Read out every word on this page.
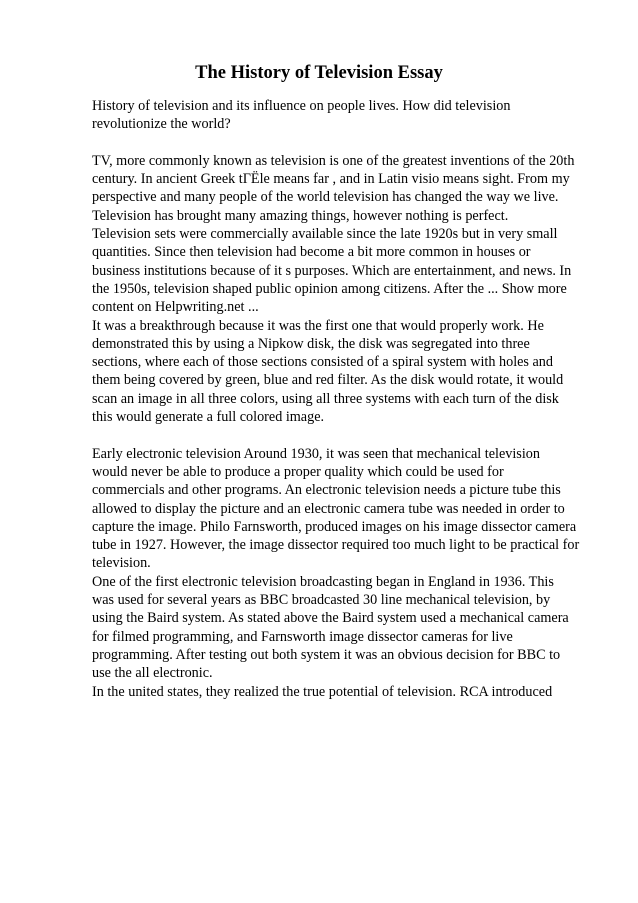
The History of Television Essay
History of television and its influence on people lives. How did television
revolutionize the world?
TV, more commonly known as television is one of the greatest inventions of the 20th
century. In ancient Greek tГËle means far , and in Latin visio means sight. From my
perspective and many people of the world television has changed the way we live.
Television has brought many amazing things, however nothing is perfect.
Television sets were commercially available since the late 1920s but in very small
quantities. Since then television had become a bit more common in houses or
business institutions because of it s purposes. Which are entertainment, and news. In
the 1950s, television shaped public opinion among citizens. After the ... Show more
content on Helpwriting.net ...
It was a breakthrough because it was the first one that would properly work. He
demonstrated this by using a Nipkow disk, the disk was segregated into three
sections, where each of those sections consisted of a spiral system with holes and
them being covered by green, blue and red filter. As the disk would rotate, it would
scan an image in all three colors, using all three systems with each turn of the disk
this would generate a full colored image.
Early electronic television Around 1930, it was seen that mechanical television
would never be able to produce a proper quality which could be used for
commercials and other programs. An electronic television needs a picture tube this
allowed to display the picture and an electronic camera tube was needed in order to
capture the image. Philo Farnsworth, produced images on his image dissector camera
tube in 1927. However, the image dissector required too much light to be practical for
television.
One of the first electronic television broadcasting began in England in 1936. This
was used for several years as BBC broadcasted 30 line mechanical television, by
using the Baird system. As stated above the Baird system used a mechanical camera
for filmed programming, and Farnsworth image dissector cameras for live
programming. After testing out both system it was an obvious decision for BBC to
use the all electronic.
In the united states, they realized the true potential of television. RCA introduced
